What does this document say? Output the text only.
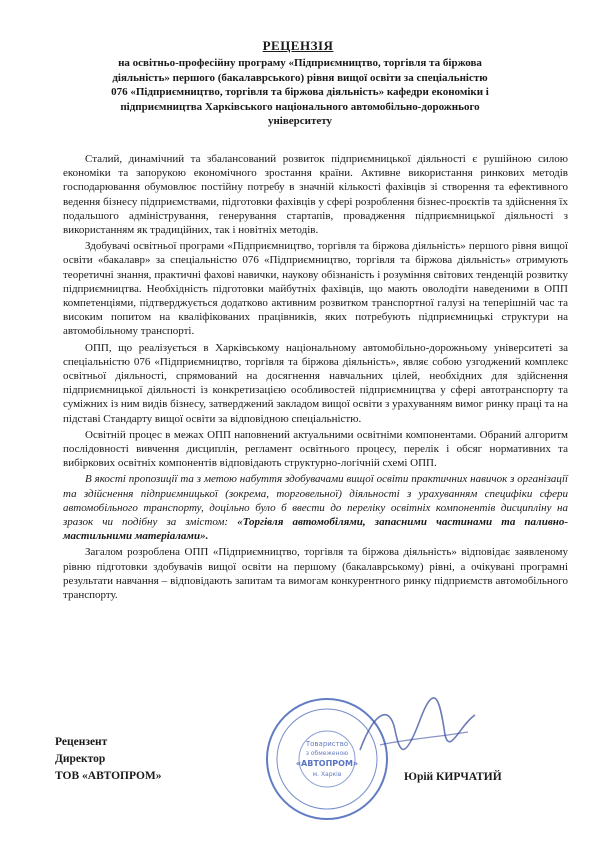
РЕЦЕНЗІЯ
на освітньо-професійну програму «Підприємництво, торгівля та біржова
діяльність» першого (бакалаврського) рівня вищої освіти за спеціальністю
076 «Підприємництво, торгівля та біржова діяльність» кафедри економіки і
підприємництва Харківського національного автомобільно-дорожнього
університету

Сталий, динамічний та збалансований розвиток підприємницької діяльності є рушійною силою економіки та запорукою економічного зростання країни. Активне використання ринкових методів господарювання обумовлює постійну потребу в значній кількості фахівців зі створення та ефективного ведення бізнесу підприємствами, підготовки фахівців у сфері розроблення бізнес-проєктів та здійснення їх подальшого адміністрування, генерування стартапів, провадження підприємницької діяльності з використанням як традиційних, так і новітніх методів.

Здобувачі освітньої програми «Підприємництво, торгівля та біржова діяльність» першого рівня вищої освіти «бакалавр» за спеціальністю 076 «Підприємництво, торгівля та біржова діяльність» отримують теоретичні знання, практичні фахові навички, наукову обізнаність і розуміння світових тенденцій розвитку підприємництва. Необхідність підготовки майбутніх фахівців, що мають оволодіти наведеними в ОПП компетенціями, підтверджується додатково активним розвитком транспортної галузі на теперішній час та високим попитом на кваліфікованих працівників, яких потребують підприємницькі структури на автомобільному транспорті.

ОПП, що реалізується в Харківському національному автомобільно-дорожньому університеті за спеціальністю 076 «Підприємництво, торгівля та біржова діяльність», являє собою узгоджений комплекс освітньої діяльності, спрямований на досягнення навчальних цілей, необхідних для здійснення підприємницької діяльності із конкретизацією особливостей підприємництва у сфері автотранспорту та суміжних із ним видів бізнесу, затверджений закладом вищої освіти з урахуванням вимог ринку праці та на підставі Стандарту вищої освіти за відповідною спеціальністю.

Освітній процес в межах ОПП наповнений актуальними освітніми компонентами. Обраний алгоритм послідовності вивчення дисциплін, регламент освітнього процесу, перелік і обсяг нормативних та вибіркових освітніх компонентів відповідають структурно-логічній схемі ОПП.

В якості пропозиції та з метою набуття здобувачами вищої освіти практичних навичок з організації та здійснення підприємницької (зокрема, торговельної) діяльності з урахуванням специфіки сфери автомобільного транспорту, доцільно було б ввести до переліку освітніх компонентів дисципліну на зразок чи подібну за змістом: «Торгівля автомобілями, запасними частинами та паливно-мастильними матеріалами».

Загалом розроблена ОПП «Підприємництво, торгівля та біржова діяльність» відповідає заявленому рівню підготовки здобувачів вищої освіти на першому (бакалаврському) рівні, а очікувані програмні результати навчання – відповідають запитам та вимогам конкурентного ринку підприємств автомобільного транспорту.

Товариство
з обмеженою
«АВТОПРОМ»
м. Харків
Рецензент
Директор
ТОВ «АВТОПРОМ»	Юрій КИРЧАТИЙ
